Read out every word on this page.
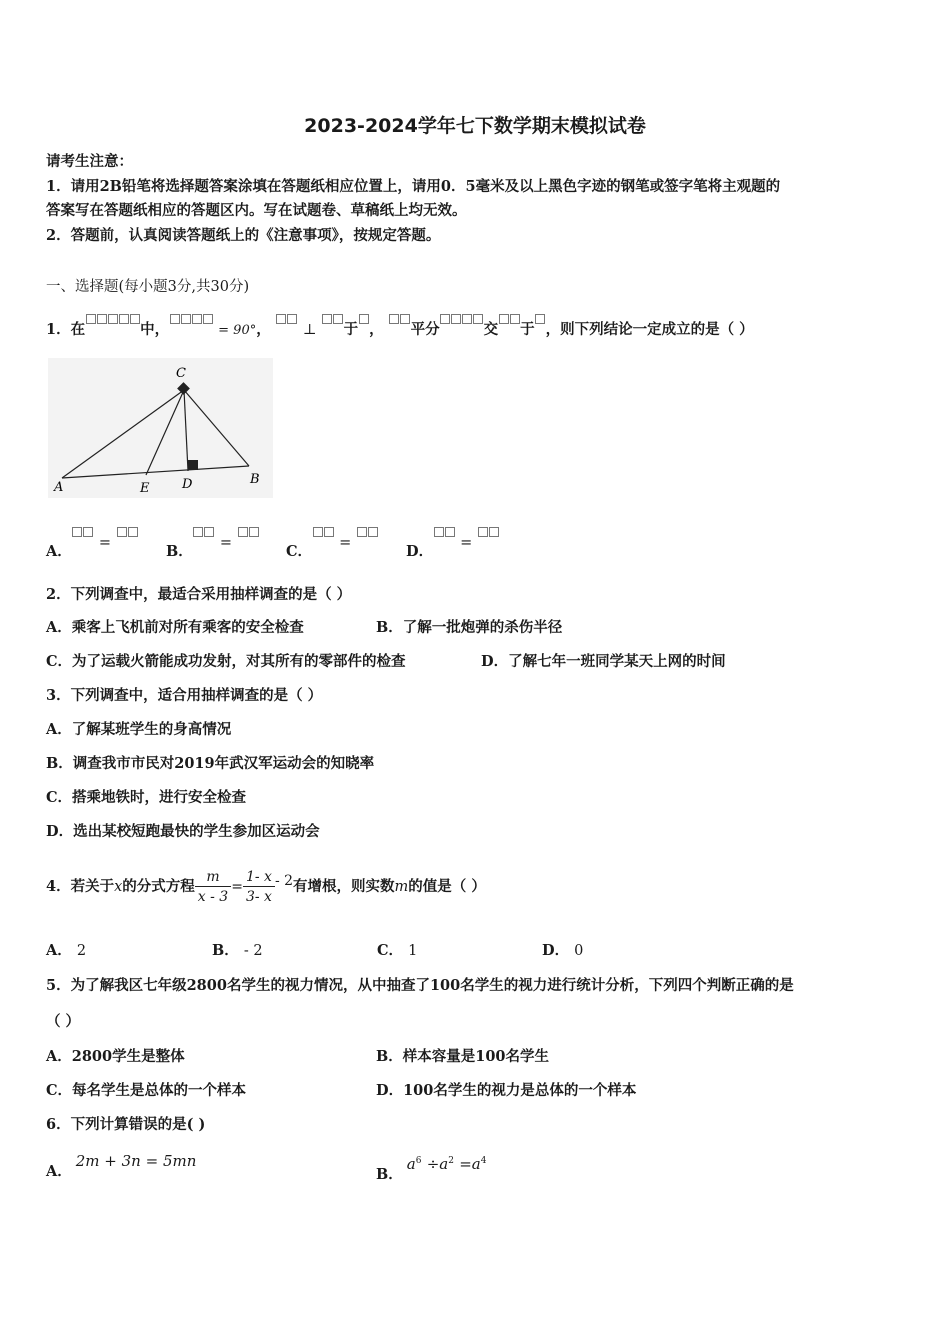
2023-2024学年七下数学期末模拟试卷
请考生注意：
1．请用2B铅笔将选择题答案涂填在答题纸相应位置上，请用0．5毫米及以上黑色字迹的钢笔或签字笔将主观题的
答案写在答题纸相应的答题区内。写在试题卷、草稿纸上均无效。
2．答题前，认真阅读答题纸上的《注意事项》，按规定答题。
一、选择题(每小题3分,共30分)
1．在	中，	= 90°， ⊥ 于 ， 平分	交 于 ，则下列结论一定成立的是（ ）
C
A	E	D	B
A． =	B． =	C． =	D． =
2．下列调查中，最适合采用抽样调查的是（ ）
A．乘客上飞机前对所有乘客的安全检查	B．了解一批炮弹的杀伤半径
C．为了运载火箭能成功发射，对其所有的零部件的检查	D．了解七年一班同学某天上网的时间
3．下列调查中，适合用抽样调查的是（ ）
A．了解某班学生的身高情况
B．调查我市市民对2019年武汉军运动会的知晓率
C．搭乘地铁时，进行安全检查
D．选出某校短跑最快的学生参加区运动会
4．若关于x的分式方程 $\frac{m}{x - 3} = \frac{1- x}{3- x} - 2$有增根，则实数m的值是（ ）
A． 2	B． - 2	C． 1	D． 0
5．为了解我区七年级2800名学生的视力情况，从中抽查了100名学生的视力进行统计分析，下列四个判断正确的是
（ ）
A．2800学生是整体	B．样本容量是100名学生
C．每名学生是总体的一个样本	D．100名学生的视力是总体的一个样本
6．下列计算错误的是( )
A．2m + 3n = 5mn
B．$a^6 \div a^2 =a^4$
